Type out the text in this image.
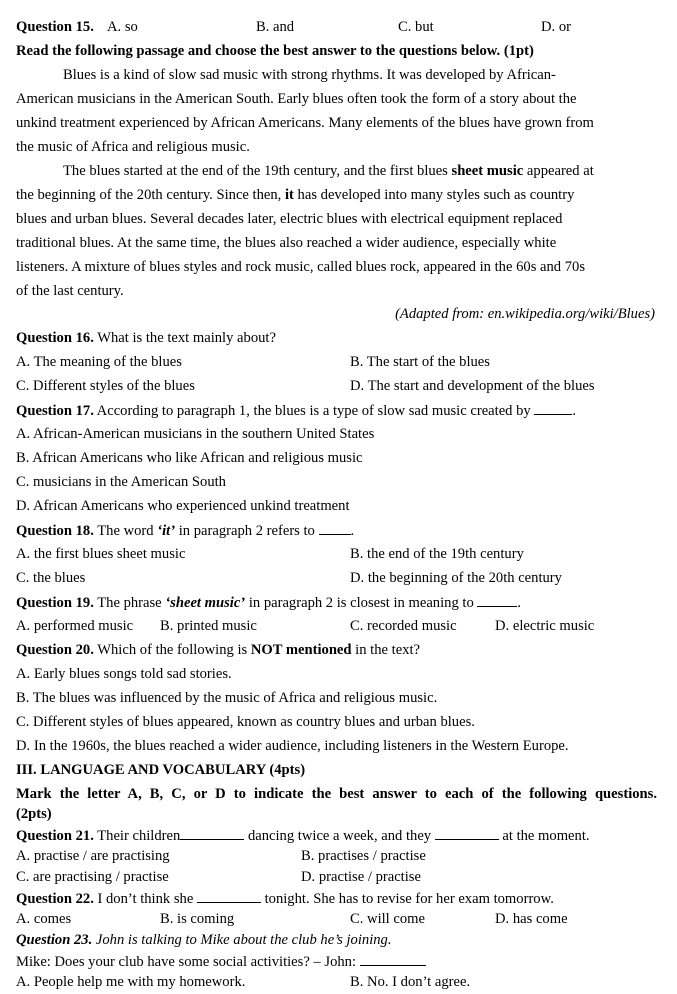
Question 15. A. so	B. and	C. but	D. or
Read the following passage and choose the best answer to the questions below. (1pt)
Blues is a kind of slow sad music with strong rhythms. It was developed by African-
American musicians in the American South. Early blues often took the form of a story about the
unkind treatment experienced by African Americans. Many elements of the blues have grown from
the music of Africa and religious music.
The blues started at the end of the 19th century, and the first blues sheet music appeared at
the beginning of the 20th century. Since then, it has developed into many styles such as country
blues and urban blues. Several decades later, electric blues with electrical equipment replaced
traditional blues. At the same time, the blues also reached a wider audience, especially white
listeners. A mixture of blues styles and rock music, called blues rock, appeared in the 60s and 70s
of the last century.
(Adapted from: en.wikipedia.org/wiki/Blues)
Question 16. What is the text mainly about?
A. The meaning of the blues	B. The start of the blues
C. Different styles of the blues	D. The start and development of the blues
Question 17. According to paragraph 1, the blues is a type of slow sad music created by	.
A. African-American musicians in the southern United States
B. African Americans who like African and religious music
C. musicians in the American South
D. African Americans who experienced unkind treatment
Question 18. The word ‘it’ in paragraph 2 refers to .
A. the first blues sheet music	B. the end of the 19th century
C. the blues	D. the beginning of the 20th century
Question 19. The phrase ‘sheet music’ in paragraph 2 is closest in meaning to	.
A. performed music B. printed music	C. recorded music	D. electric music
Question 20. Which of the following is NOT mentioned in the text?
A. Early blues songs told sad stories.
B. The blues was influenced by the music of Africa and religious music.
C. Different styles of blues appeared, known as country blues and urban blues.
D. In the 1960s, the blues reached a wider audience, including listeners in the Western Europe.
III. LANGUAGE AND VOCABULARY (4pts)
Mark the letter A, B, C, or D to indicate the best answer to each of the following questions.
(2pts)
Question 21. Their children	dancing twice a week, and they	at the moment.
A. practise / are practising	B. practises / practise
C. are practising / practise	D. practise / practise
Question 22. I don’t think she	tonight. She has to revise for her exam tomorrow.
A. comes	B. is coming	C. will come	D. has come
Question 23. John is talking to Mike about the club he’s joining.
Mike: Does your club have some social activities? – John:
A. People help me with my homework.	B. No. I don’t agree.
